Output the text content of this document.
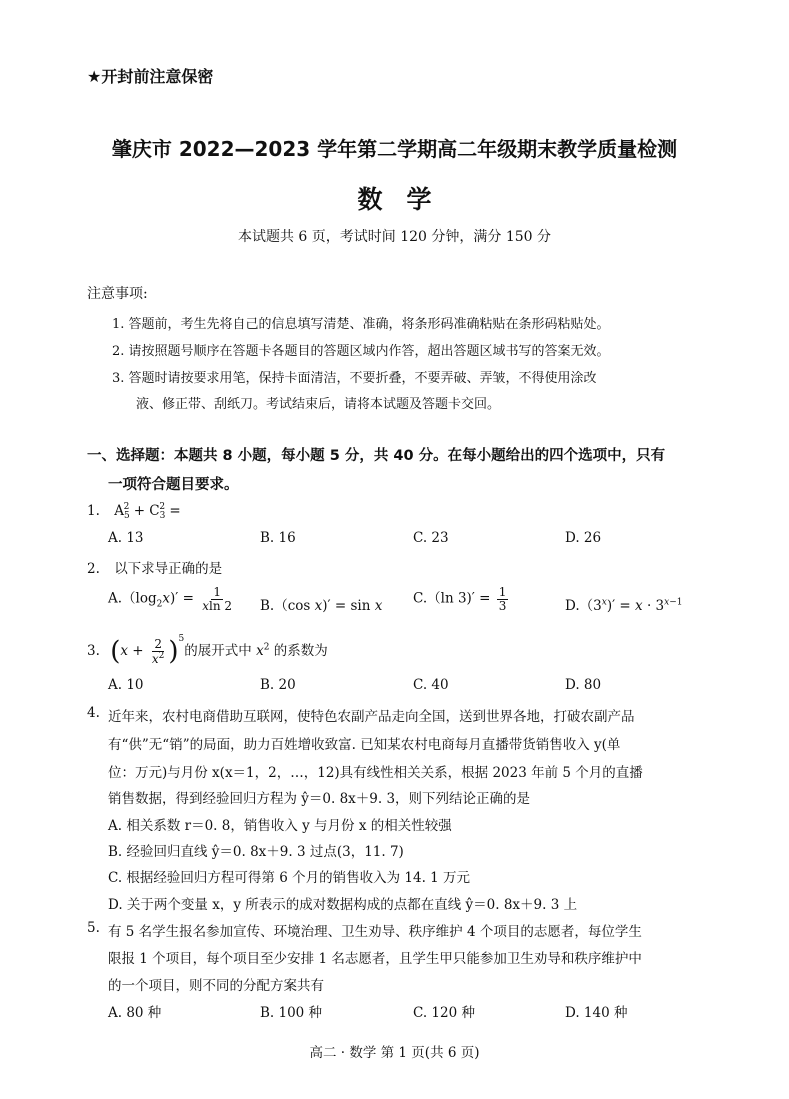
★开封前注意保密
肇庆市 2022—2023 学年第二学期高二年级期末教学质量检测
数学
本试题共 6 页，考试时间 120 分钟，满分 150 分
注意事项:
1. 答题前，考生先将自己的信息填写清楚、准确，将条形码准确粘贴在条形码粘贴处。
2. 请按照题号顺序在答题卡各题目的答题区域内作答，超出答题区域书写的答案无效。
3. 答题时请按要求用笔，保持卡面清洁，不要折叠，不要弄破、弄皱，不得使用涂改
液、修正带、刮纸刀。考试结束后，请将本试题及答题卡交回。
一、选择题：本题共 8 小题，每小题 5 分，共 40 分。在每小题给出的四个选项中，只有
一项符合题目要求。
1. $A_5^2 + C_3^2$ =
A. 13	B. 16	C. 23	D. 26
2. 以下求导正确的是
$A.(\log_2x)' = \frac{1}{xln 2} B.(\cos$ x)′ = sin x C.（ln $3)' = \frac{1}{3}$	$D.(3^x)' = x \cdot 3^{x-1}$
3. $(x + \frac{2}{x^2} )^5$的展开式中 $x^2$ 的系数为
A. 10	B. 20	C. 40	D. 80
4. 近年来，农村电商借助互联网，使特色农副产品走向全国，送到世界各地，打破农副产品
有“供”无“销”的局面，助力百姓增收致富. 已知某农村电商每月直播带货销售收入 y(单
位：万元)与月份 x(x＝1，2，…，12)具有线性相关关系，根据 2023 年前 5 个月的直播
销售数据，得到经验回归方程为 ŷ＝0. 8x＋9. 3，则下列结论正确的是
A. 相关系数 r＝0. 8，销售收入 y 与月份 x 的相关性较强
B. 经验回归直线 ŷ＝0. 8x＋9. 3 过点(3，11. 7)
C. 根据经验回归方程可得第 6 个月的销售收入为 14. 1 万元
D. 关于两个变量 x，y 所表示的成对数据构成的点都在直线 ŷ＝0. 8x＋9. 3 上
5. 有 5 名学生报名参加宣传、环境治理、卫生劝导、秩序维护 4 个项目的志愿者，每位学生
限报 1 个项目，每个项目至少安排 1 名志愿者，且学生甲只能参加卫生劝导和秩序维护中
的一个项目，则不同的分配方案共有
A. 80 种	B. 100 种	C. 120 种	D. 140 种
高二 · 数学 第 1 页(共 6 页)
